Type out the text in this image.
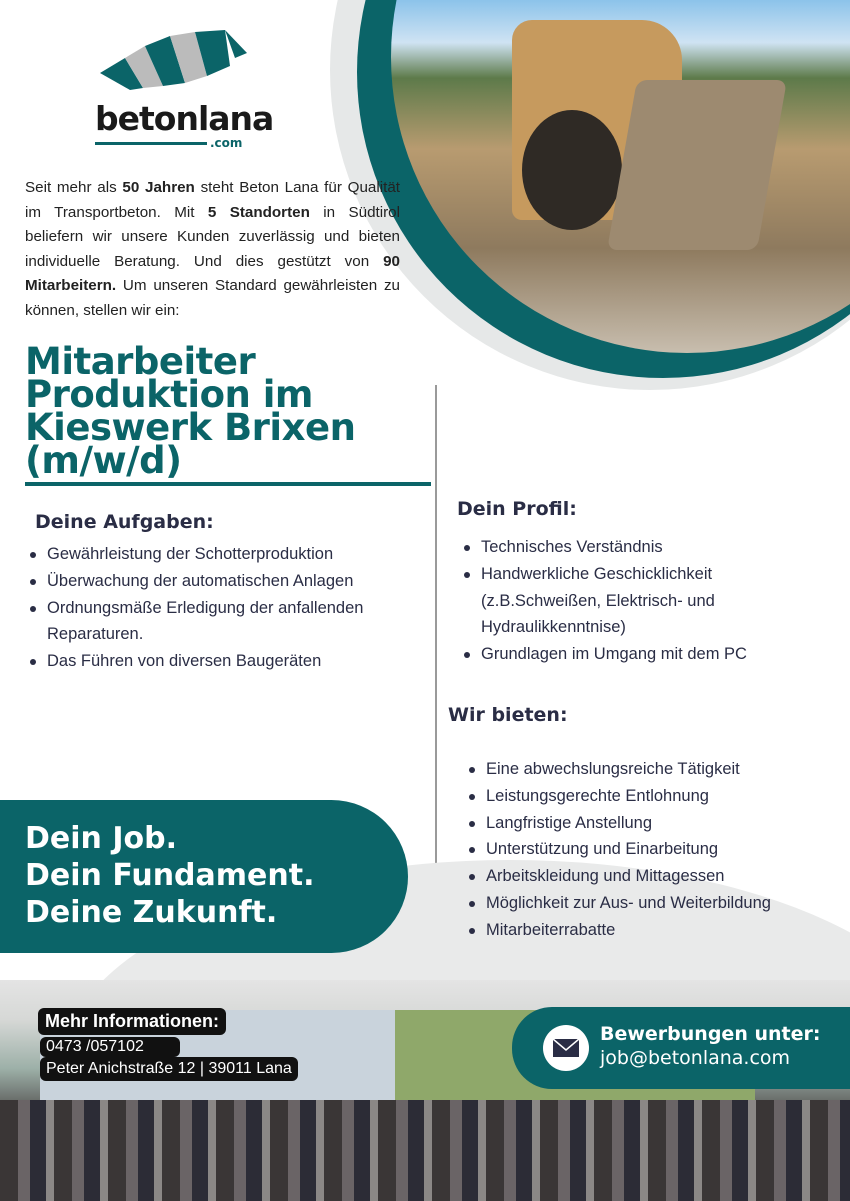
betonlana
.com

Seit mehr als 50 Jahren steht Beton Lana für Qualität im Transportbeton. Mit 5 Standorten in Südtirol beliefern wir unsere Kunden zuverlässig und bieten individuelle Beratung. Und dies gestützt von 90 Mitarbeitern. Um unseren Standard gewährleisten zu können, stellen wir ein:

Mitarbeiter
Produktion im
Kieswerk Brixen
(m/w/d)
Deine Aufgaben:
Gewährleistung der Schotterproduktion
Überwachung der automatischen Anlagen
Ordnungsmäße Erledigung der anfallenden Reparaturen.
Das Führen von diversen Baugeräten
Dein Profil:
Technisches Verständnis
Handwerkliche Geschicklichkeit (z.B.Schweißen, Elektrisch- und Hydraulikkenntnise)
Grundlagen im Umgang mit dem PC
Wir bieten:
Eine abwechslungsreiche Tätigkeit
Leistungsgerechte Entlohnung
Langfristige Anstellung
Unterstützung und Einarbeitung
Arbeitskleidung und Mittagessen
Möglichkeit zur Aus- und Weiterbildung
Mitarbeiterrabatte
Dein Job.
Dein Fundament.
Deine Zukunft.
Mehr Informationen:
0473 /057102
Peter Anichstraße 12 | 39011 Lana
Bewerbungen unter:
job@betonlana.com
